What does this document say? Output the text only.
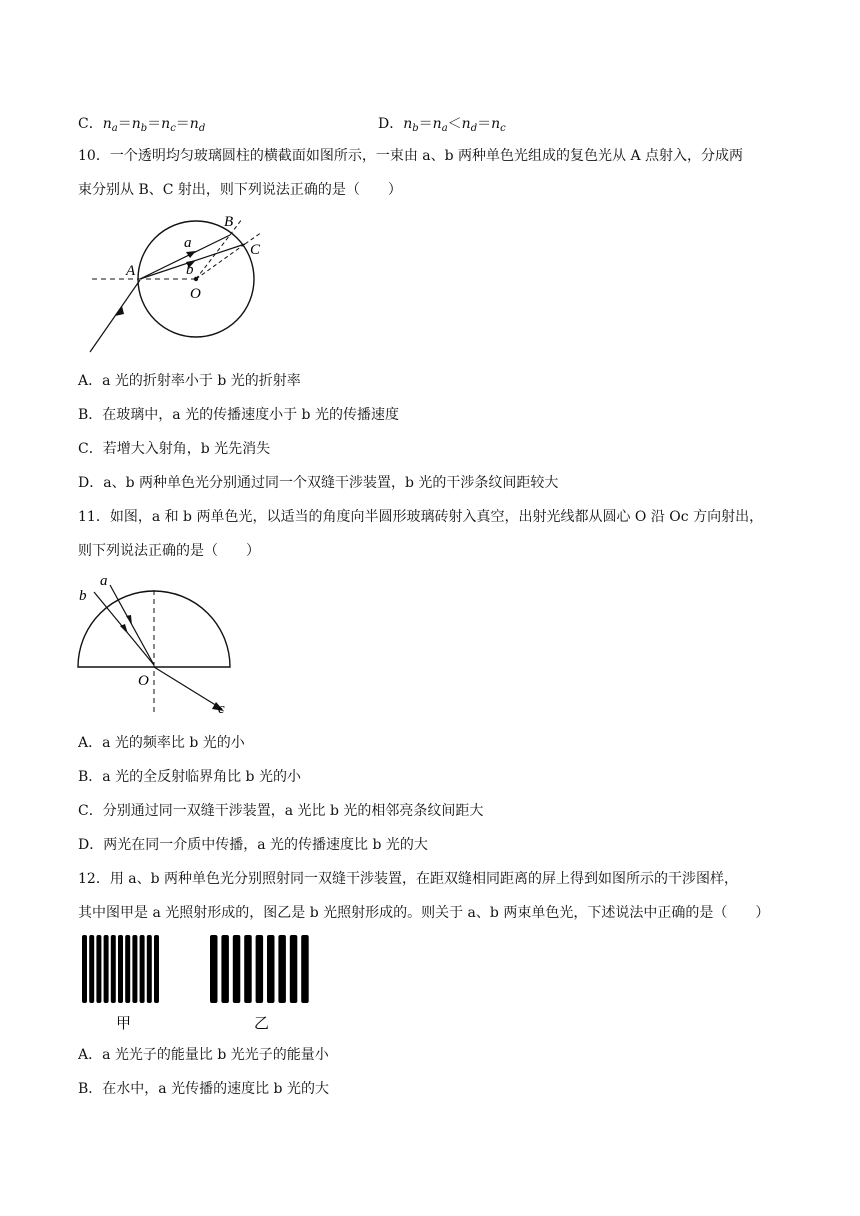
C．$n_a=n_b=n_c=n_d$	D．$n_b=n_a<n_d=n_c$
10．一个透明均匀玻璃圆柱的横截面如图所示，一束由 a、b 两种单色光组成的复色光从 A 点射入，分成两
束分别从 B、C 射出，则下列说法正确的是（　　）
A
B
C
O
a
b
A．a 光的折射率小于 b 光的折射率
B．在玻璃中，a 光的传播速度小于 b 光的传播速度
C．若增大入射角，b 光先消失
D．a、b 两种单色光分别通过同一个双缝干涉装置，b 光的干涉条纹间距较大
11．如图，a 和 b 两单色光，以适当的角度向半圆形玻璃砖射入真空，出射光线都从圆心 O 沿 Oc 方向射出，
则下列说法正确的是（　　）
b
a
c
O
A．a 光的频率比 b 光的小
B．a 光的全反射临界角比 b 光的小
C．分别通过同一双缝干涉装置，a 光比 b 光的相邻亮条纹间距大
D．两光在同一介质中传播，a 光的传播速度比 b 光的大
12．用 a、b 两种单色光分别照射同一双缝干涉装置，在距双缝相同距离的屏上得到如图所示的干涉图样，
其中图甲是 a 光照射形成的，图乙是 b 光照射形成的。则关于 a、b 两束单色光，下述说法中正确的是（　　）
甲	乙
A．a 光光子的能量比 b 光光子的能量小
B．在水中，a 光传播的速度比 b 光的大
